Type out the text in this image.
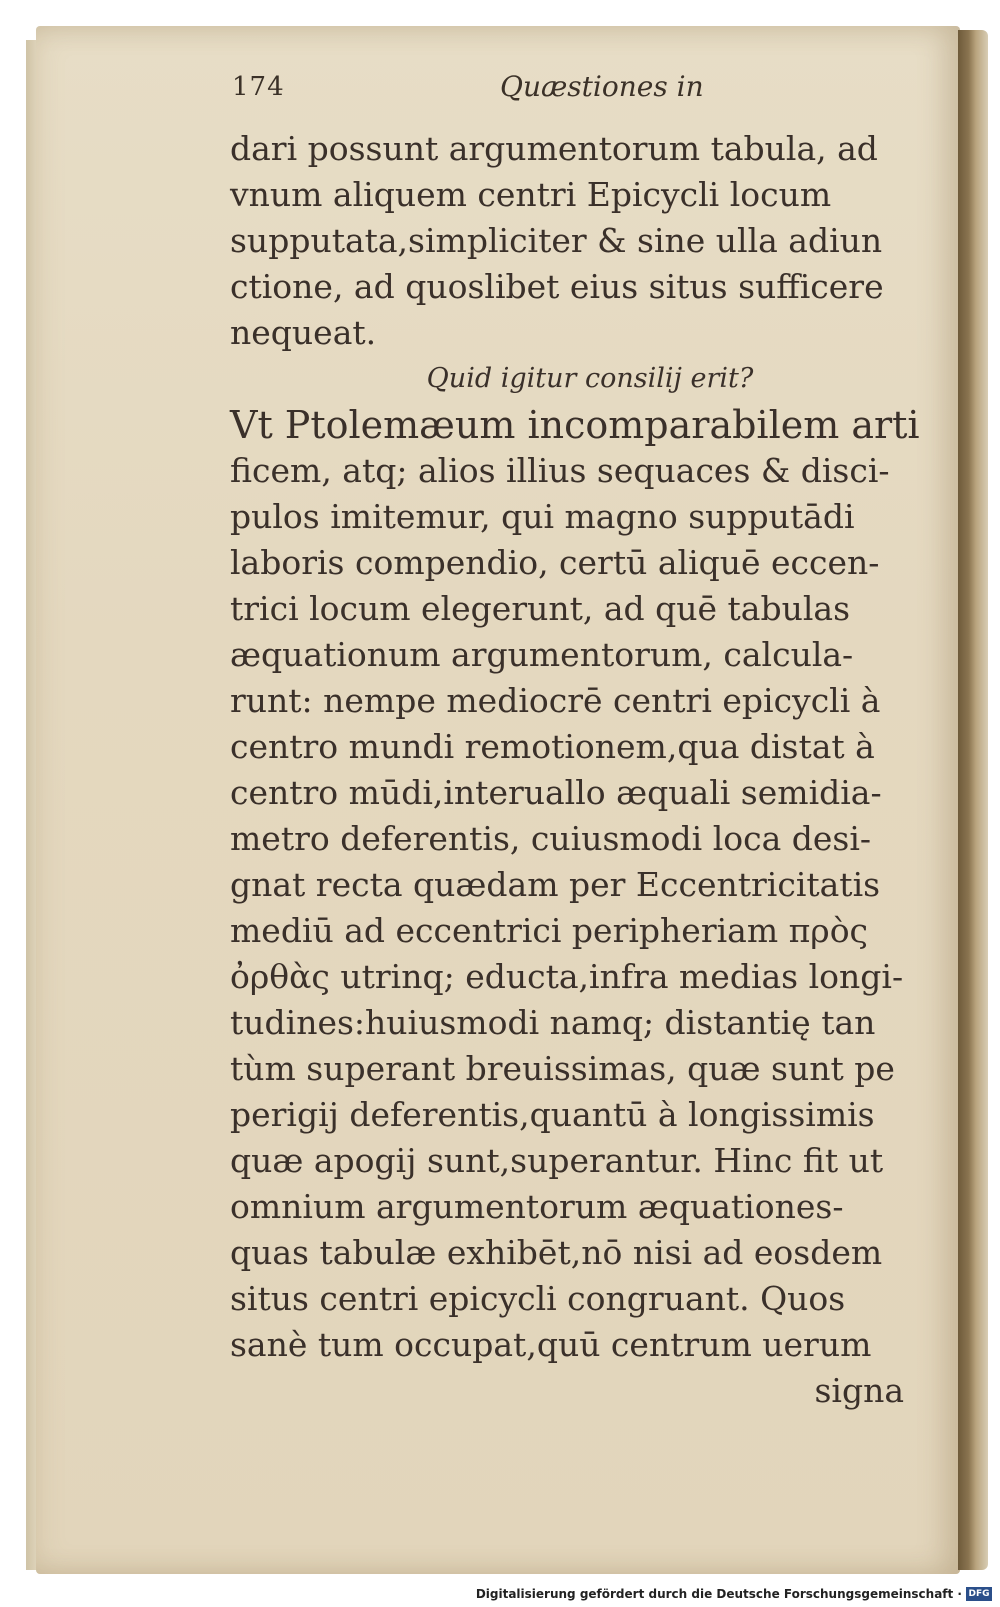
174	Quæstiones in
dari possunt argumentorum tabula, ad
vnum aliquem centri Epicycli locum
supputata,simpliciter & sine ulla adiun
ctione, ad quoslibet eius situs sufficere
nequeat.
Quid igitur consilij erit?
Vt Ptolemæum incomparabilem arti
ficem, atq; alios illius sequaces & disci-
pulos imitemur, qui magno supputādi
laboris compendio, certū aliquē eccen-
trici locum elegerunt, ad quē tabulas
æquationum argumentorum, calcula-
runt: nempe mediocrē centri epicycli à
centro mundi remotionem,qua distat à
centro mūdi,interuallo æquali semidia-
metro deferentis, cuiusmodi loca desi-
gnat recta quædam per Eccentricitatis
mediū ad eccentrici peripheriam πρὸς
ὀρθὰς utrinq; educta,infra medias longi-
tudines:huiusmodi namq; distantię tan
tùm superant breuissimas, quæ sunt pe
perigij deferentis,quantū à longissimis
quæ apogij sunt,superantur. Hinc fit ut
omnium argumentorum æquationes-
quas tabulæ exhibēt,nō nisi ad eosdem
situs centri epicycli congruant. Quos
sanè tum occupat,quū centrum uerum
signa
Digitalisierung gefördert durch die Deutsche Forschungsgemeinschaft · DFG
